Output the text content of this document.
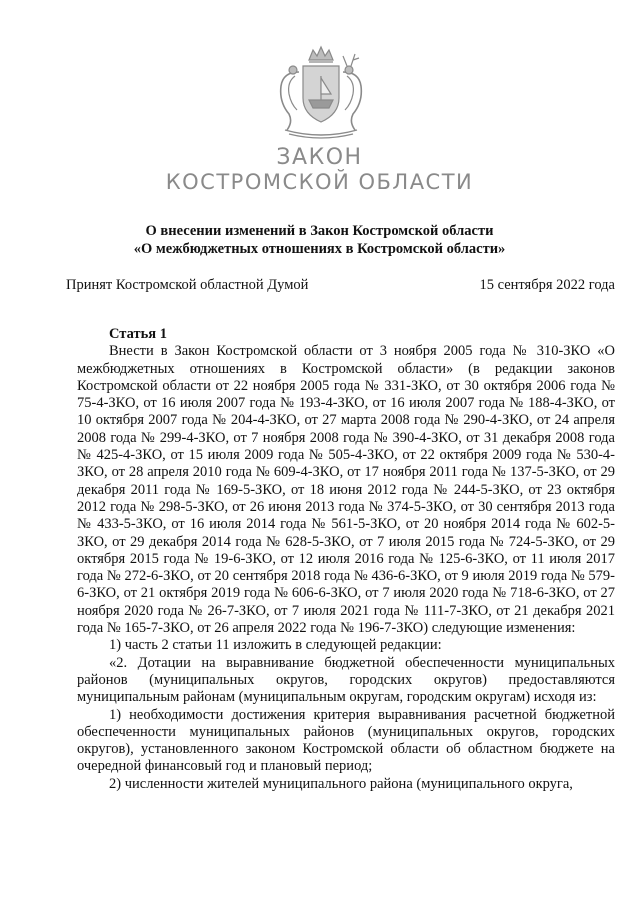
ЗАКОН
КОСТРОМСКОЙ ОБЛАСТИ
О внесении изменений в Закон Костромской области
«О межбюджетных отношениях в Костромской области»
Принят Костромской областной Думой	15 сентября 2022 года
Статья 1

Внести в Закон Костромской области от 3 ноября 2005 года № 310-ЗКО «О межбюджетных отношениях в Костромской области» (в редакции законов Костромской области от 22 ноября 2005 года № 331-ЗКО, от 30 октября 2006 года № 75-4-ЗКО, от 16 июля 2007 года № 193-4-ЗКО, от 16 июля 2007 года № 188-4-ЗКО, от 10 октября 2007 года № 204-4-ЗКО, от 27 марта 2008 года № 290-4-ЗКО, от 24 апреля 2008 года № 299-4-ЗКО, от 7 ноября 2008 года № 390-4-ЗКО, от 31 декабря 2008 года № 425-4-ЗКО, от 15 июля 2009 года № 505-4-ЗКО, от 22 октября 2009 года № 530-4-ЗКО, от 28 апреля 2010 года № 609-4-ЗКО, от 17 ноября 2011 года № 137-5-ЗКО, от 29 декабря 2011 года № 169-5-ЗКО, от 18 июня 2012 года № 244-5-ЗКО, от 23 октября 2012 года № 298-5-ЗКО, от 26 июня 2013 года № 374-5-ЗКО, от 30 сентября 2013 года № 433-5-ЗКО, от 16 июля 2014 года № 561-5-ЗКО, от 20 ноября 2014 года № 602-5-ЗКО, от 29 декабря 2014 года № 628-5-ЗКО, от 7 июля 2015 года № 724-5-ЗКО, от 29 октября 2015 года № 19-6-ЗКО, от 12 июля 2016 года № 125-6-ЗКО, от 11 июля 2017 года № 272-6-ЗКО, от 20 сентября 2018 года № 436-6-ЗКО, от 9 июля 2019 года № 579-6-ЗКО, от 21 октября 2019 года № 606-6-ЗКО, от 7 июля 2020 года № 718-6-ЗКО, от 27 ноября 2020 года № 26-7-ЗКО, от 7 июля 2021 года № 111-7-ЗКО, от 21 декабря 2021 года № 165-7-ЗКО, от 26 апреля 2022 года № 196-7-ЗКО) следующие изменения:

1) часть 2 статьи 11 изложить в следующей редакции:

«2. Дотации на выравнивание бюджетной обеспеченности муниципальных районов (муниципальных округов, городских округов) предоставляются муниципальным районам (муниципальным округам, городским округам) исходя из:

1) необходимости достижения критерия выравнивания расчетной бюджетной обеспеченности муниципальных районов (муниципальных округов, городских округов), установленного законом Костромской области об областном бюджете на очередной финансовый год и плановый период;

2) численности жителей муниципального района (муниципального округа,
